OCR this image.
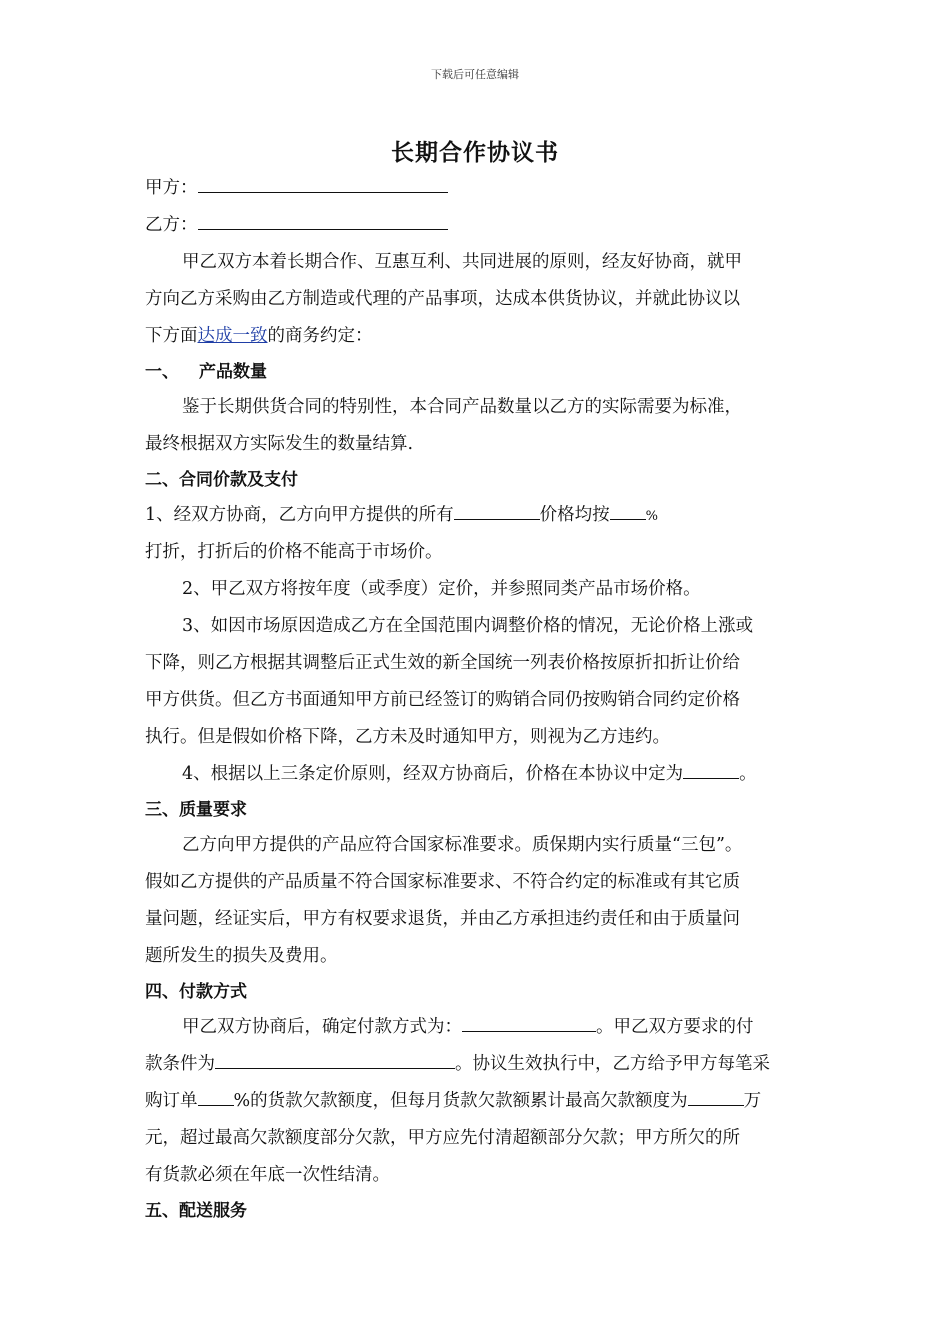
下载后可任意编辑
长期合作协议书
甲方：
乙方：
甲乙双方本着长期合作、互惠互利、共同进展的原则，经友好协商，就甲
方向乙方采购由乙方制造或代理的产品事项，达成本供货协议，并就此协议以
下方面达成一致的商务约定：
一、 产品数量
鉴于长期供货合同的特别性，本合同产品数量以乙方的实际需要为标准，
最终根据双方实际发生的数量结算.
二、合同价款及支付
1、经双方协商，乙方向甲方提供的所有	价格均按	%
打折，打折后的价格不能高于市场价。
2、甲乙双方将按年度（或季度）定价，并参照同类产品市场价格。
3、如因市场原因造成乙方在全国范围内调整价格的情况，无论价格上涨或
下降，则乙方根据其调整后正式生效的新全国统一列表价格按原折扣折让价给
甲方供货。但乙方书面通知甲方前已经签订的购销合同仍按购销合同约定价格
执行。但是假如价格下降，乙方未及时通知甲方，则视为乙方违约。
4、根据以上三条定价原则，经双方协商后，价格在本协议中定为	。
三、质量要求
乙方向甲方提供的产品应符合国家标准要求。质保期内实行质量“三包”。
假如乙方提供的产品质量不符合国家标准要求、不符合约定的标准或有其它质
量问题，经证实后，甲方有权要求退货，并由乙方承担违约责任和由于质量问
题所发生的损失及费用。
四、付款方式
甲乙双方协商后，确定付款方式为：	。甲乙双方要求的付
款条件为	。协议生效执行中，乙方给予甲方每笔采
购订单 %的货款欠款额度，但每月货款欠款额累计最高欠款额度为	万
元，超过最高欠款额度部分欠款，甲方应先付清超额部分欠款；甲方所欠的所
有货款必须在年底一次性结清。
五、配送服务
